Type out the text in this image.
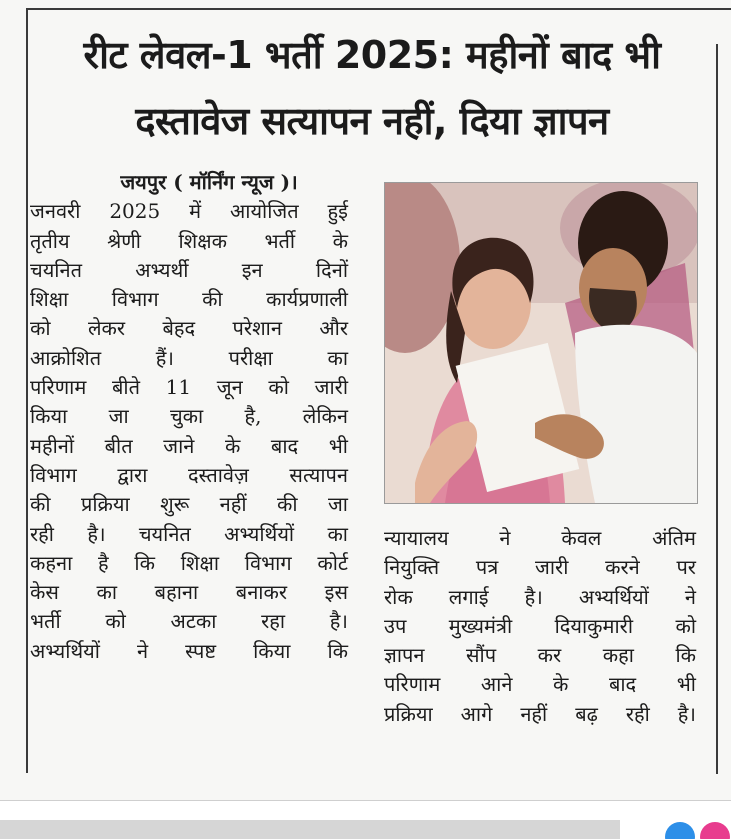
रीट लेवल-1 भर्ती 2025: महीनों बाद भी
दस्तावेज सत्यापन नहीं, दिया ज्ञापन
जयपुर ( मॉर्निंग न्यूज )।
जनवरी 2025 में आयोजित हुई
तृतीय श्रेणी शिक्षक भर्ती के
चयनित अभ्यर्थी इन दिनों
शिक्षा विभाग की कार्यप्रणाली
को लेकर बेहद परेशान और
आक्रोशित हैं। परीक्षा का
परिणाम बीते 11 जून को जारी
किया जा चुका है, लेकिन
महीनों बीत जाने के बाद भी
विभाग द्वारा दस्तावेज़ सत्यापन
की प्रक्रिया शुरू नहीं की जा
रही है। चयनित अभ्यर्थियों का
कहना है कि शिक्षा विभाग कोर्ट
केस का बहाना बनाकर इस
भर्ती को अटका रहा है।
अभ्यर्थियों ने स्पष्ट किया कि
न्यायालय ने केवल अंतिम
नियुक्ति पत्र जारी करने पर
रोक लगाई है। अभ्यर्थियों ने
उप मुख्यमंत्री दियाकुमारी को
ज्ञापन सौंप कर कहा कि
परिणाम आने के बाद भी
प्रक्रिया आगे नहीं बढ़ रही है।
